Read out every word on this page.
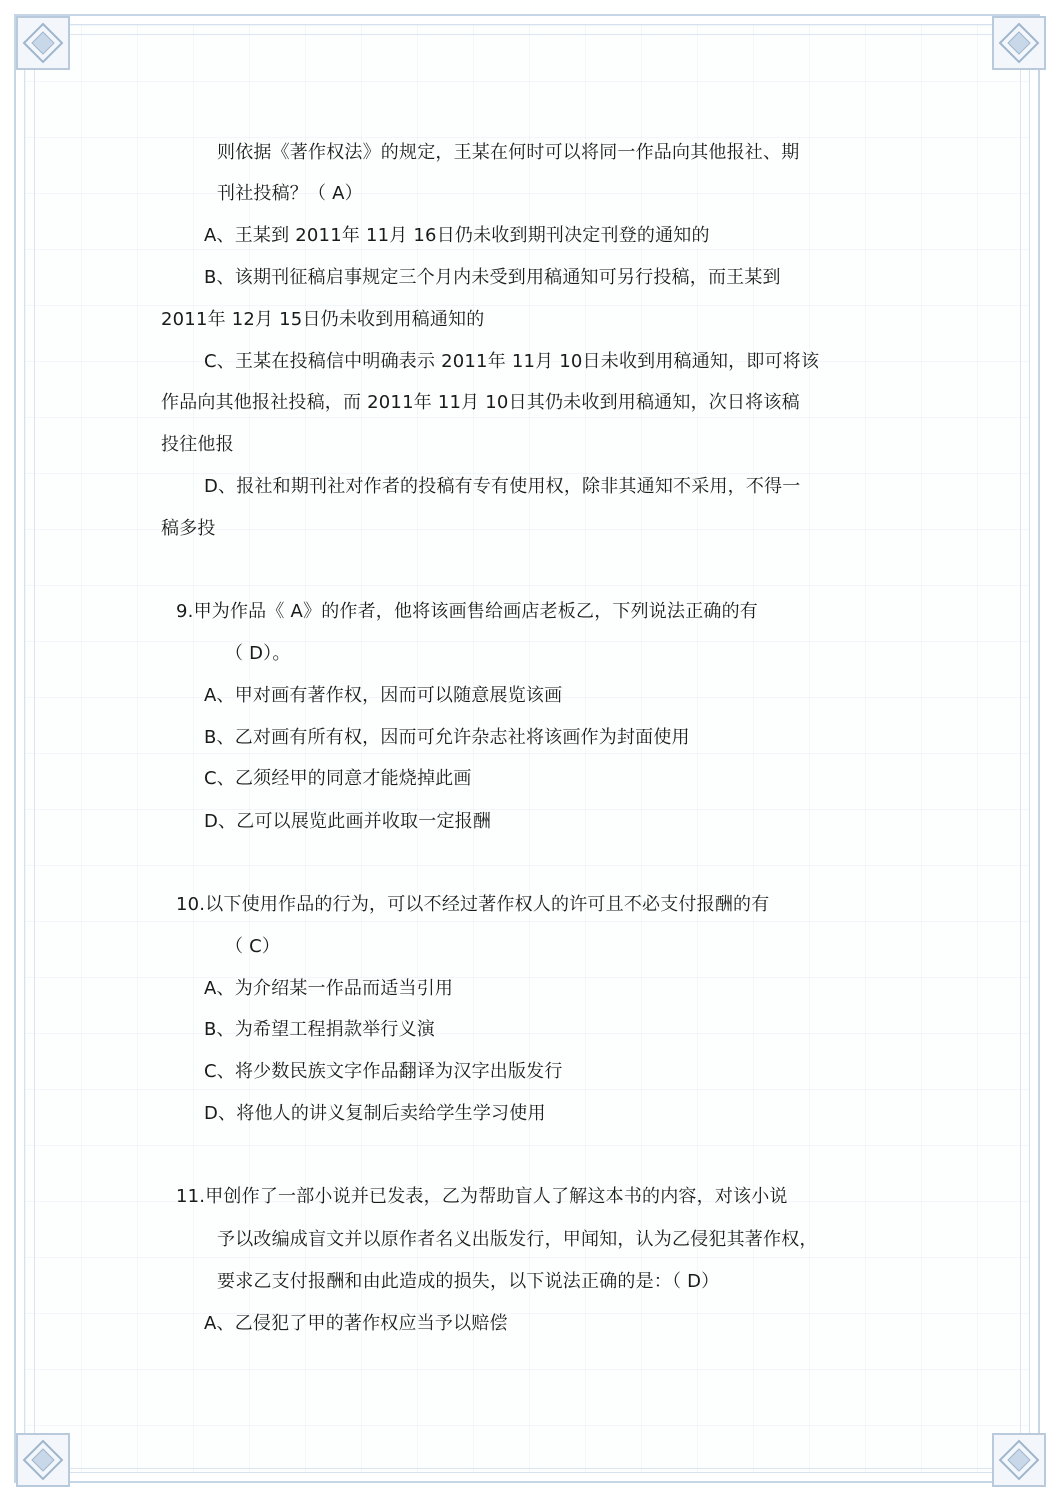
则依据《著作权法》的规定，王某在何时可以将同一作品向其他报社、期
刊社投稿？（ A）
A、王某到 2011年 11月 16日仍未收到期刊决定刊登的通知的
B、该期刊征稿启事规定三个月内未受到用稿通知可另行投稿，而王某到
2011年 12月 15日仍未收到用稿通知的
C、王某在投稿信中明确表示 2011年 11月 10日未收到用稿通知，即可将该
作品向其他报社投稿，而 2011年 11月 10日其仍未收到用稿通知，次日将该稿
投往他报
D、报社和期刊社对作者的投稿有专有使用权，除非其通知不采用，不得一
稿多投
9.甲为作品《 A》的作者，他将该画售给画店老板乙，下列说法正确的有
（ D）。
A、甲对画有著作权，因而可以随意展览该画
B、乙对画有所有权，因而可允许杂志社将该画作为封面使用
C、乙须经甲的同意才能烧掉此画
D、乙可以展览此画并收取一定报酬
10.以下使用作品的行为，可以不经过著作权人的许可且不必支付报酬的有
（ C）
A、为介绍某一作品而适当引用
B、为希望工程捐款举行义演
C、将少数民族文字作品翻译为汉字出版发行
D、将他人的讲义复制后卖给学生学习使用
11.甲创作了一部小说并已发表，乙为帮助盲人了解这本书的内容，对该小说
予以改编成盲文并以原作者名义出版发行，甲闻知，认为乙侵犯其著作权，
要求乙支付报酬和由此造成的损失，以下说法正确的是：（ D）
A、乙侵犯了甲的著作权应当予以赔偿
